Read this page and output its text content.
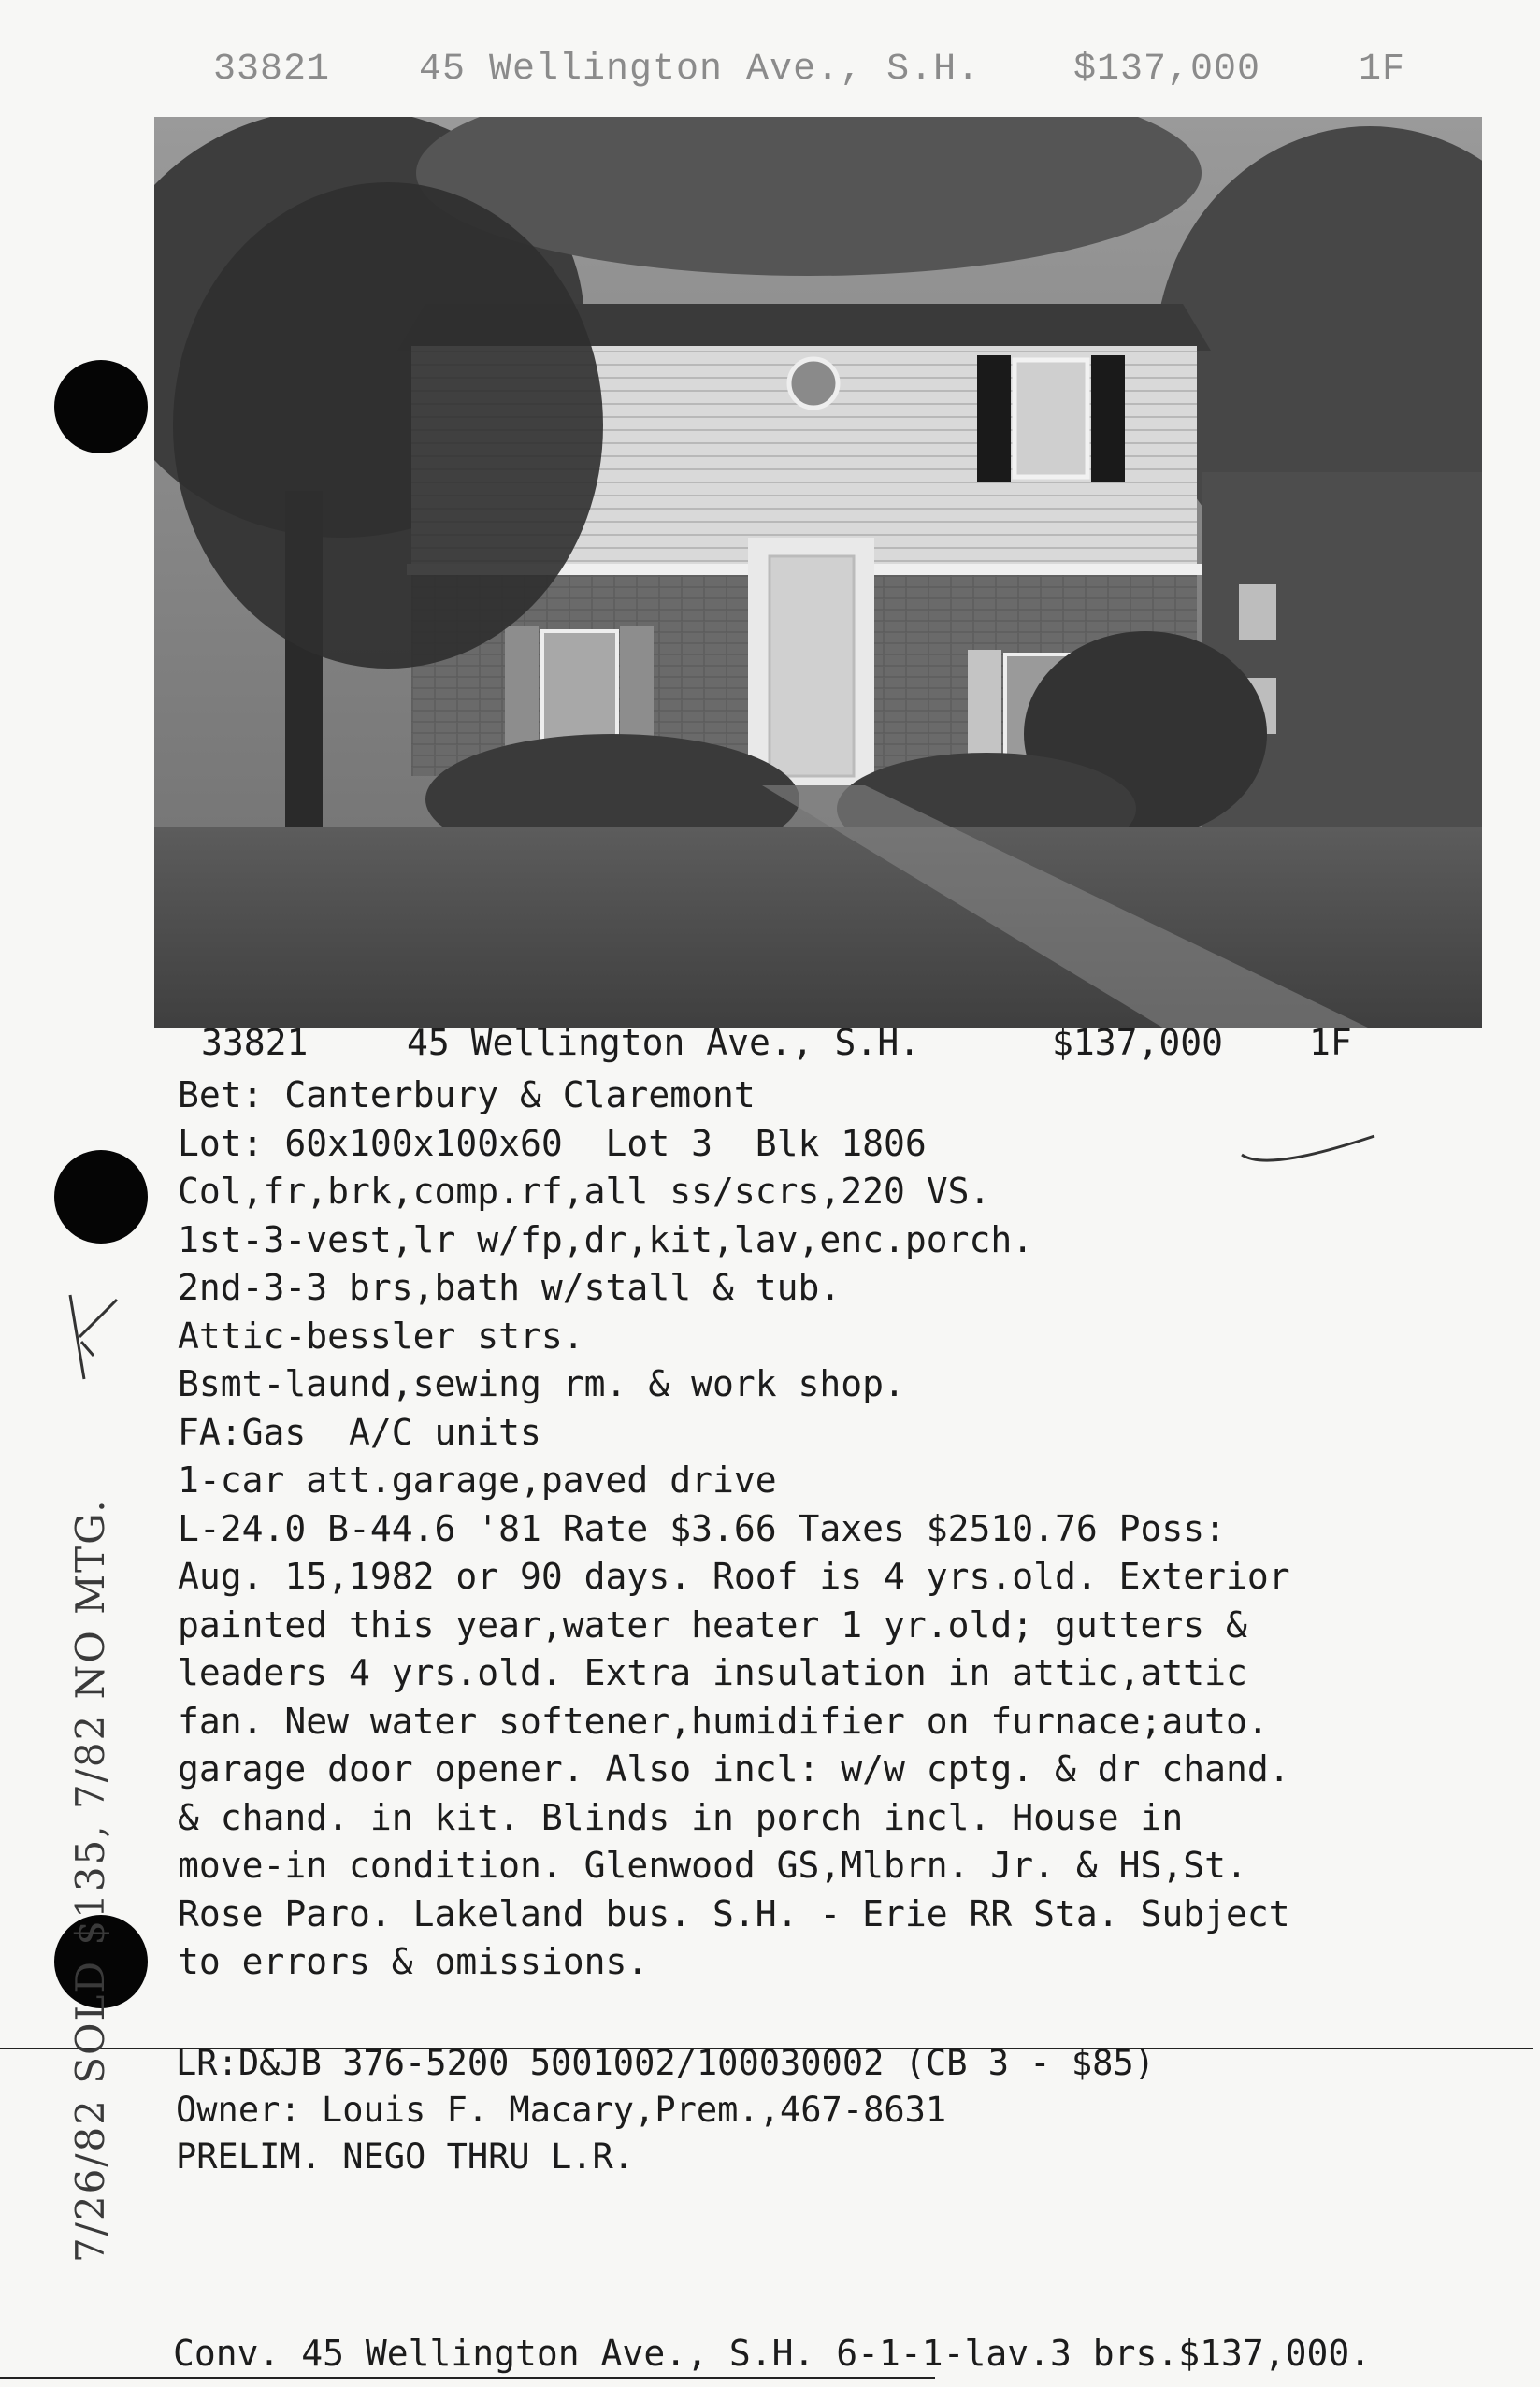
33821 45 Wellington Ave., S.H. $137,000	1F
33821	45 Wellington Ave., S.H.	$137,000 1F
Bet: Canterbury & Claremont
Lot: 60x100x100x60  Lot 3  Blk 1806
Col,fr,brk,comp.rf,all ss/scrs,220 VS.
1st-3-vest,lr w/fp,dr,kit,lav,enc.porch.
2nd-3-3 brs,bath w/stall & tub.
Attic-bessler strs.
Bsmt-laund,sewing rm. & work shop.
FA:Gas  A/C units
1-car att.garage,paved drive
L-24.0 B-44.6 '81 Rate $3.66 Taxes $2510.76 Poss:
Aug. 15,1982 or 90 days. Roof is 4 yrs.old. Exterior
painted this year,water heater 1 yr.old; gutters &
leaders 4 yrs.old. Extra insulation in attic,attic
fan. New water softener,humidifier on furnace;auto.
garage door opener. Also incl: w/w cptg. & dr chand.
& chand. in kit. Blinds in porch incl. House in
move-in condition. Glenwood GS,Mlbrn. Jr. & HS,St.
Rose Paro. Lakeland bus. S.H. - Erie RR Sta. Subject
to errors & omissions.
LR:D&JB 376-5200 5001002/100030002 (CB 3 - $85)
Owner: Louis F. Macary,Prem.,467-8631
PRELIM. NEGO THRU L.R.
7/26/82 SOLD $135, 7/82 NO MTG.
Conv. 45 Wellington Ave., S.H. 6-1-1-lav.3 brs.$137,000.
